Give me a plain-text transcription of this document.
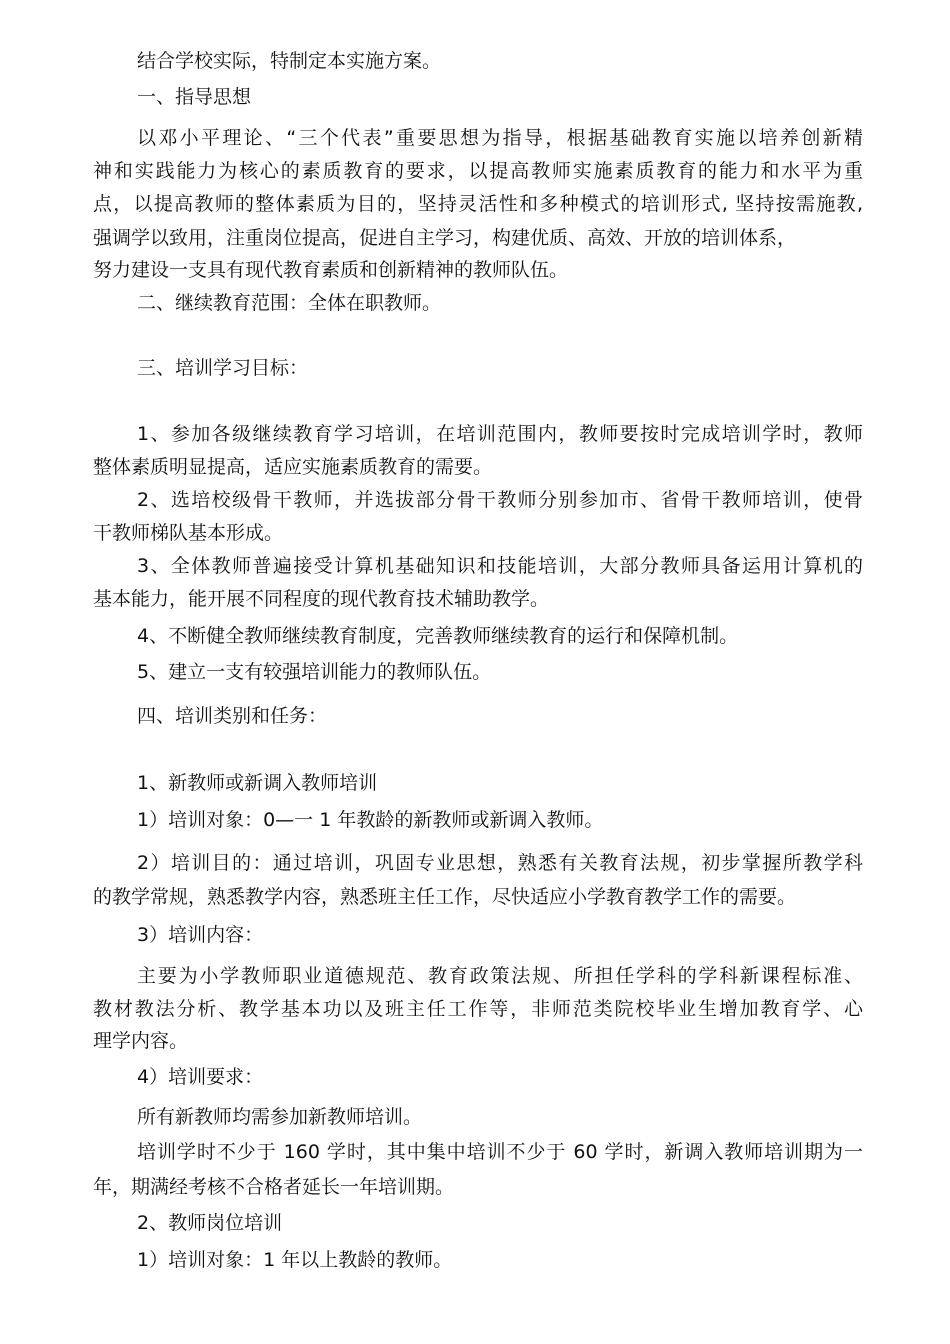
结合学校实际，特制定本实施方案。

一、指导思想

以邓小平理论、“三个代表”重要思想为指导，根据基础教育实施以培养创新精

神和实践能力为核心的素质教育的要求，以提高教师实施素质教育的能力和水平为重

点，以提高教师的整体素质为目的，坚持灵活性和多种模式的培训形式, 坚持按需施教,

强调学以致用，注重岗位提高，促进自主学习，构建优质、高效、开放的培训体系，

努力建设一支具有现代教育素质和创新精神的教师队伍。

二、继续教育范围：全体在职教师。

三、培训学习目标：

1、参加各级继续教育学习培训，在培训范围内，教师要按时完成培训学时，教师

整体素质明显提高，适应实施素质教育的需要。

2、选培校级骨干教师，并选拔部分骨干教师分别参加市、省骨干教师培训，使骨

干教师梯队基本形成。

3、全体教师普遍接受计算机基础知识和技能培训，大部分教师具备运用计算机的

基本能力，能开展不同程度的现代教育技术辅助教学。

4、不断健全教师继续教育制度，完善教师继续教育的运行和保障机制。

5、建立一支有较强培训能力的教师队伍。

四、培训类别和任务：

1、新教师或新调入教师培训

1）培训对象：0—一 1 年教龄的新教师或新调入教师。

2）培训目的：通过培训，巩固专业思想，熟悉有关教育法规，初步掌握所教学科

的教学常规，熟悉教学内容，熟悉班主任工作，尽快适应小学教育教学工作的需要。

3）培训内容：

主要为小学教师职业道德规范、教育政策法规、所担任学科的学科新课程标准、

教材教法分析、教学基本功以及班主任工作等，非师范类院校毕业生增加教育学、心

理学内容。

4）培训要求：

所有新教师均需参加新教师培训。

培训学时不少于 160 学时，其中集中培训不少于 60 学时，新调入教师培训期为一

年，期满经考核不合格者延长一年培训期。

2、教师岗位培训

1）培训对象：1 年以上教龄的教师。
